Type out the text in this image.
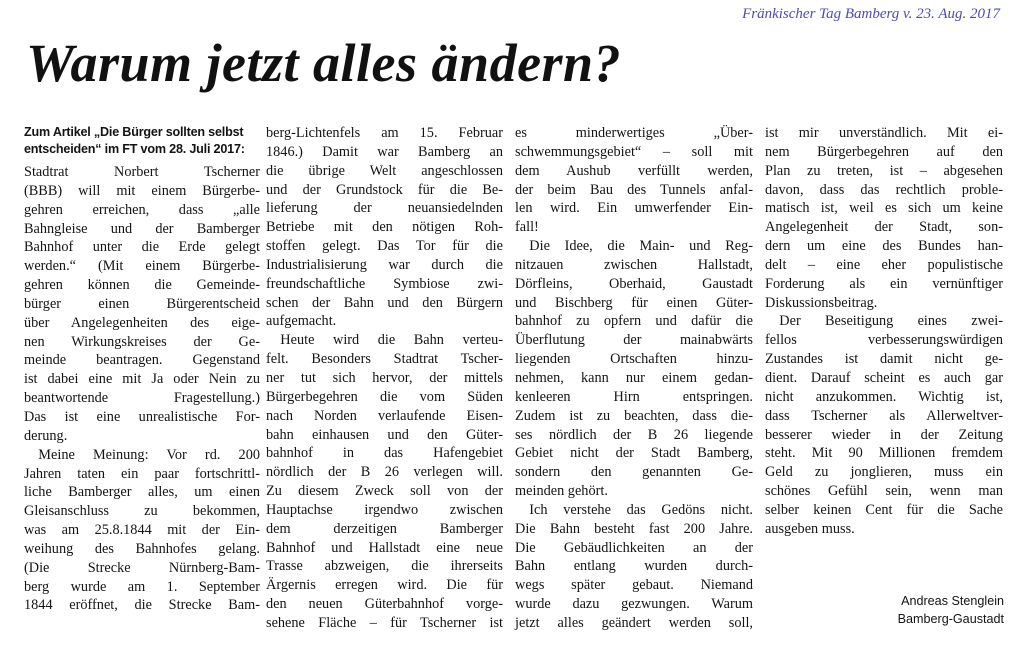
Fränkischer Tag Bamberg v. 23. Aug. 2017
Warum jetzt alles ändern?
Zum Artikel „Die Bürger sollten selbst
entscheiden“ im FT vom 28. Juli 2017:
Stadtrat Norbert Tscherner
(BBB) will mit einem Bürgerbe-
gehren erreichen, dass „alle
Bahngleise und der Bamberger
Bahnhof unter die Erde gelegt
werden.“ (Mit einem Bürgerbe-
gehren können die Gemeinde-
bürger einen Bürgerentscheid
über Angelegenheiten des eige-
nen Wirkungskreises der Ge-
meinde beantragen. Gegenstand
ist dabei eine mit Ja oder Nein zu
beantwortende Fragestellung.)
Das ist eine unrealistische For-
derung.
Meine Meinung: Vor rd. 200
Jahren taten ein paar fortschrittl-
liche Bamberger alles, um einen
Gleisanschluss zu bekommen,
was am 25.8.1844 mit der Ein-
weihung des Bahnhofes gelang.
(Die Strecke Nürnberg-Bam-
berg wurde am 1. September
1844 eröffnet, die Strecke Bam-
berg-Lichtenfels am 15. Februar
1846.) Damit war Bamberg an
die übrige Welt angeschlossen
und der Grundstock für die Be-
lieferung der neuansiedelnden
Betriebe mit den nötigen Roh-
stoffen gelegt. Das Tor für die
Industrialisierung war durch die
freundschaftliche Symbiose zwi-
schen der Bahn und den Bürgern
aufgemacht.
Heute wird die Bahn verteu-
felt. Besonders Stadtrat Tscher-
ner tut sich hervor, der mittels
Bürgerbegehren die vom Süden
nach Norden verlaufende Eisen-
bahn einhausen und den Güter-
bahnhof in das Hafengebiet
nördlich der B 26 verlegen will.
Zu diesem Zweck soll von der
Hauptachse irgendwo zwischen
dem derzeitigen Bamberger
Bahnhof und Hallstadt eine neue
Trasse abzweigen, die ihrerseits
Ärgernis erregen wird. Die für
den neuen Güterbahnhof vorge-
sehene Fläche – für Tscherner ist
es minderwertiges „Über-
schwemmungsgebiet“ – soll mit
dem Aushub verfüllt werden,
der beim Bau des Tunnels anfal-
len wird. Ein umwerfender Ein-
fall!
Die Idee, die Main- und Reg-
nitzauen zwischen Hallstadt,
Dörfleins, Oberhaid, Gaustadt
und Bischberg für einen Güter-
bahnhof zu opfern und dafür die
Überflutung der mainabwärts
liegenden Ortschaften hinzu-
nehmen, kann nur einem gedan-
kenleeren Hirn entspringen.
Zudem ist zu beachten, dass die-
ses nördlich der B 26 liegende
Gebiet nicht der Stadt Bamberg,
sondern den genannten Ge-
meinden gehört.
Ich verstehe das Gedöns nicht.
Die Bahn besteht fast 200 Jahre.
Die Gebäudlichkeiten an der
Bahn entlang wurden durch-
wegs später gebaut. Niemand
wurde dazu gezwungen. Warum
jetzt alles geändert werden soll,
ist mir unverständlich. Mit ei-
nem Bürgerbegehren auf den
Plan zu treten, ist – abgesehen
davon, dass das rechtlich proble-
matisch ist, weil es sich um keine
Angelegenheit der Stadt, son-
dern um eine des Bundes han-
delt – eine eher populistische
Forderung als ein vernünftiger
Diskussionsbeitrag.
Der Beseitigung eines zwei-
fellos verbesserungswürdigen
Zustandes ist damit nicht ge-
dient. Darauf scheint es auch gar
nicht anzukommen. Wichtig ist,
dass Tscherner als Allerweltver-
besserer wieder in der Zeitung
steht. Mit 90 Millionen fremdem
Geld zu jonglieren, muss ein
schönes Gefühl sein, wenn man
selber keinen Cent für die Sache
ausgeben muss.
Andreas Stenglein
Bamberg-Gaustadt
